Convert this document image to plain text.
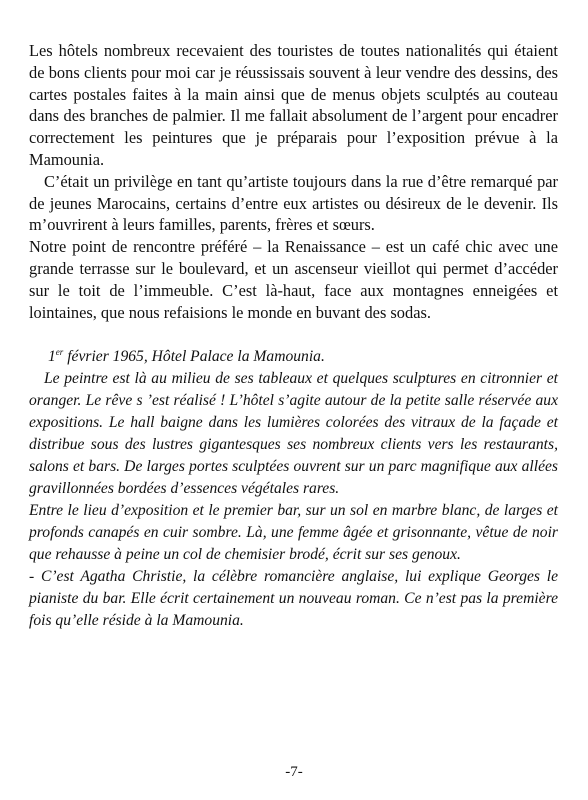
Les hôtels nombreux recevaient des touristes de toutes nationalités qui étaient de bons clients pour moi car je réussissais souvent à leur vendre des dessins, des cartes postales faites à la main ainsi que de menus objets sculptés au couteau dans des branches de palmier. Il me fallait absolument de l’argent pour encadrer correctement les peintures que je préparais pour l’exposition prévue à la Mamounia.

C’était un privilège en tant qu’artiste toujours dans la rue d’être remarqué par de jeunes Marocains, certains d’entre eux artistes ou désireux de le devenir. Ils m’ouvrirent à leurs familles, parents, frères et sœurs.

Notre point de rencontre préféré – la Renaissance – est un café chic avec une grande terrasse sur le boulevard, et un ascenseur vieillot qui permet d’accéder sur le toit de l’immeuble. C’est là-haut, face aux montagnes enneigées et lointaines, que nous refaisions le monde en buvant des sodas.

1er février 1965, Hôtel Palace la Mamounia.

Le peintre est là au milieu de ses tableaux et quelques sculptures en citronnier et oranger. Le rêve s ’est réalisé ! L’hôtel s’agite autour de la petite salle réservée aux expositions. Le hall baigne dans les lumières colorées des vitraux de la façade et distribue sous des lustres gigantesques ses nombreux clients vers les restaurants, salons et bars. De larges portes sculptées ouvrent sur un parc magnifique aux allées gravillonnées bordées d’essences végétales rares.

Entre le lieu d’exposition et le premier bar, sur un sol en marbre blanc, de larges et profonds canapés en cuir sombre. Là, une femme âgée et grisonnante, vêtue de noir que rehausse à peine un col de chemisier brodé, écrit sur ses genoux.

- C’est Agatha Christie, la célèbre romancière anglaise, lui explique Georges le pianiste du bar. Elle écrit certainement un nouveau roman. Ce n’est pas la première fois qu’elle réside à la Mamounia.

-7-
